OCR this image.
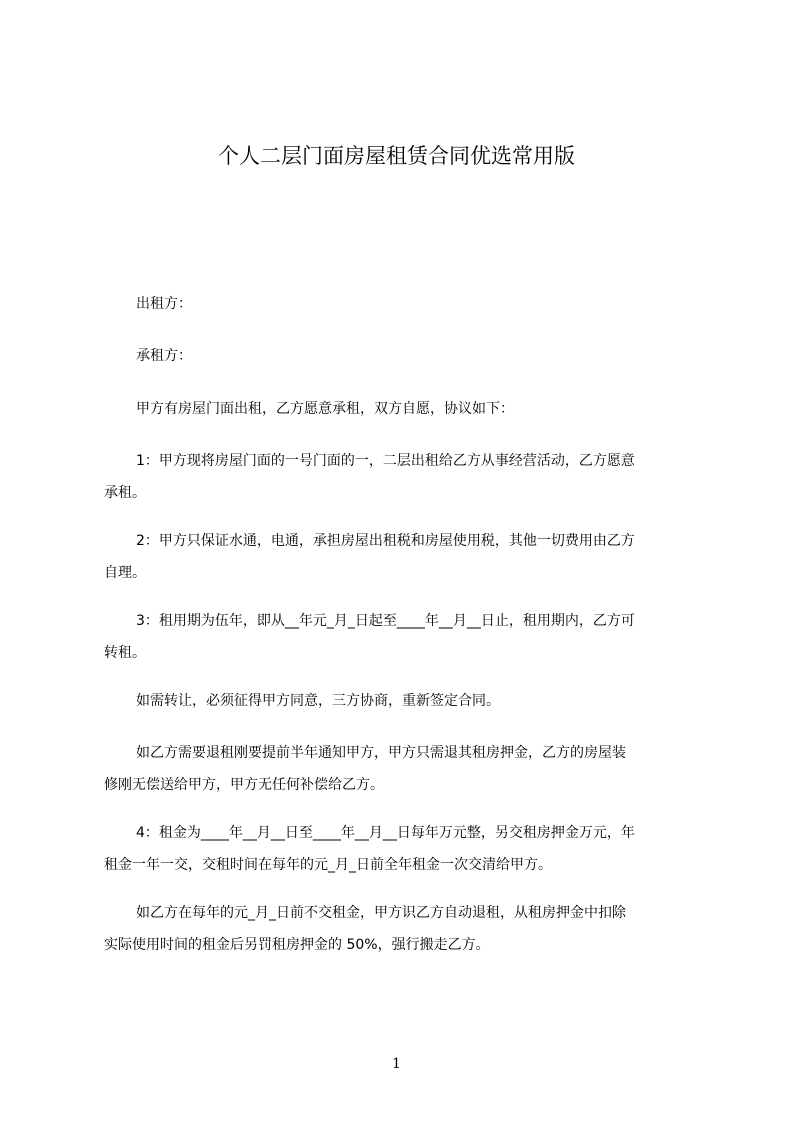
个人二层门面房屋租赁合同优选常用版
出租方：
承租方：
甲方有房屋门面出租，乙方愿意承租，双方自愿，协议如下：
1：甲方现将房屋门面的一号门面的一，二层出租给乙方从事经营活动，乙方愿意
承租。
2：甲方只保证水通，电通，承担房屋出租税和房屋使用税，其他一切费用由乙方
自理。
3：租用期为伍年，即从__年元_月_日起至____年__月__日止，租用期内，乙方可
转租。
如需转让，必须征得甲方同意，三方协商，重新签定合同。
如乙方需要退租刚要提前半年通知甲方，甲方只需退其租房押金，乙方的房屋装
修刚无偿送给甲方，甲方无任何补偿给乙方。
4：租金为____年__月__日至____年__月__日每年万元整，另交租房押金万元，年
租金一年一交，交租时间在每年的元_月_日前全年租金一次交清给甲方。
如乙方在每年的元_月_日前不交租金，甲方识乙方自动退租，从租房押金中扣除
实际使用时间的租金后另罚租房押金的 50%，强行搬走乙方。
1
